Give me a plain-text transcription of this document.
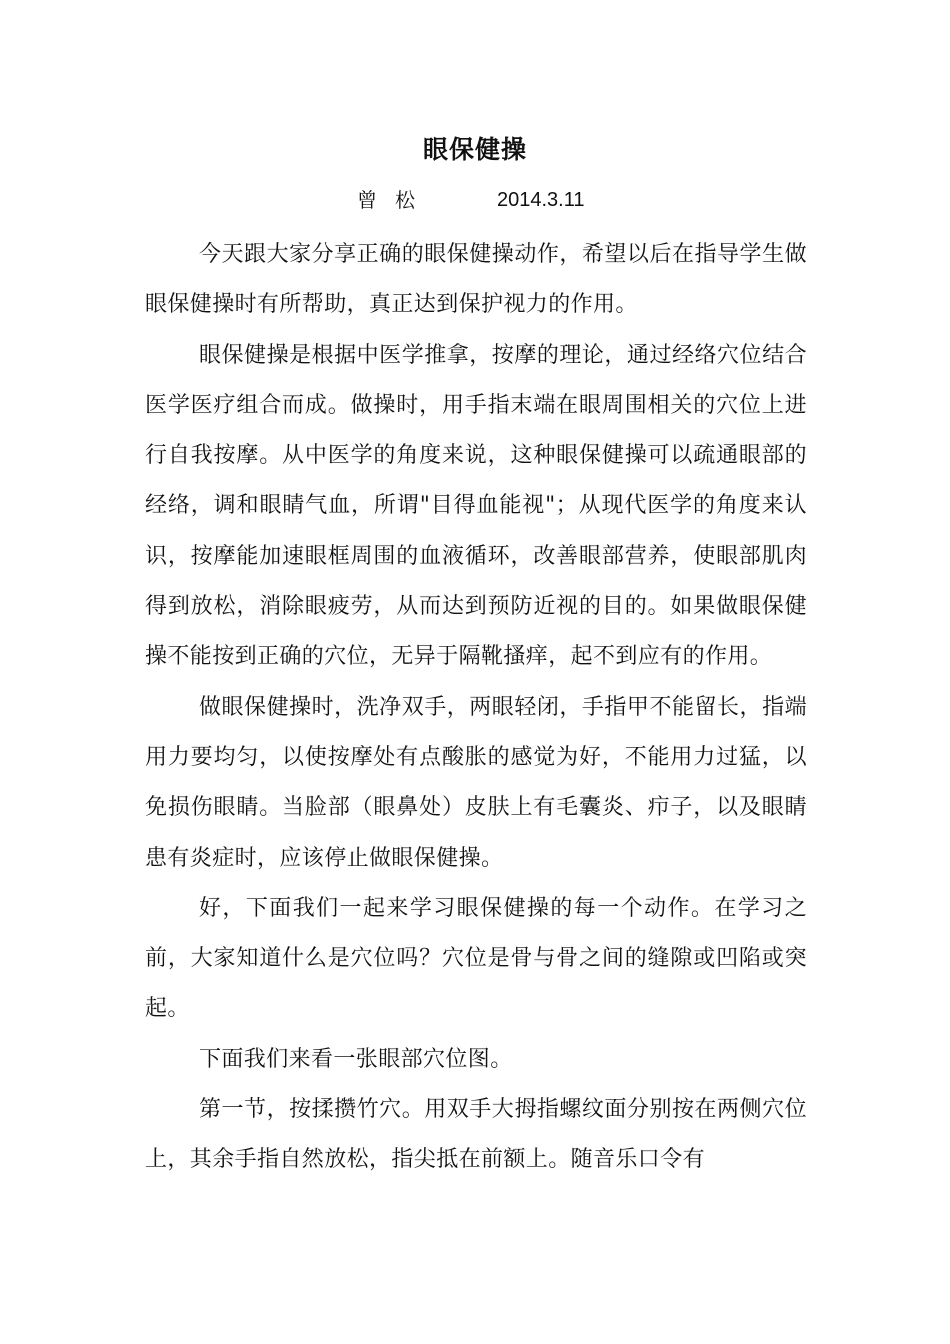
眼保健操
曾松	2014.3.11

今天跟大家分享正确的眼保健操动作，希望以后在指导学生做眼保健操时有所帮助，真正达到保护视力的作用。

眼保健操是根据中医学推拿，按摩的理论，通过经络穴位结合医学医疗组合而成。做操时，用手指末端在眼周围相关的穴位上进行自我按摩。从中医学的角度来说，这种眼保健操可以疏通眼部的经络，调和眼睛气血，所谓"目得血能视"；从现代医学的角度来认识，按摩能加速眼框周围的血液循环，改善眼部营养，使眼部肌肉得到放松，消除眼疲劳，从而达到预防近视的目的。如果做眼保健操不能按到正确的穴位，无异于隔靴搔痒，起不到应有的作用。

做眼保健操时，洗净双手，两眼轻闭，手指甲不能留长，指端用力要均匀，以使按摩处有点酸胀的感觉为好，不能用力过猛，以免损伤眼睛。当脸部（眼鼻处）皮肤上有毛囊炎、疖子，以及眼睛患有炎症时，应该停止做眼保健操。

好，下面我们一起来学习眼保健操的每一个动作。在学习之前，大家知道什么是穴位吗？穴位是骨与骨之间的缝隙或凹陷或突起。

下面我们来看一张眼部穴位图。

第一节，按揉攒竹穴。用双手大拇指螺纹面分别按在两侧穴位上，其余手指自然放松，指尖抵在前额上。随音乐口令有
